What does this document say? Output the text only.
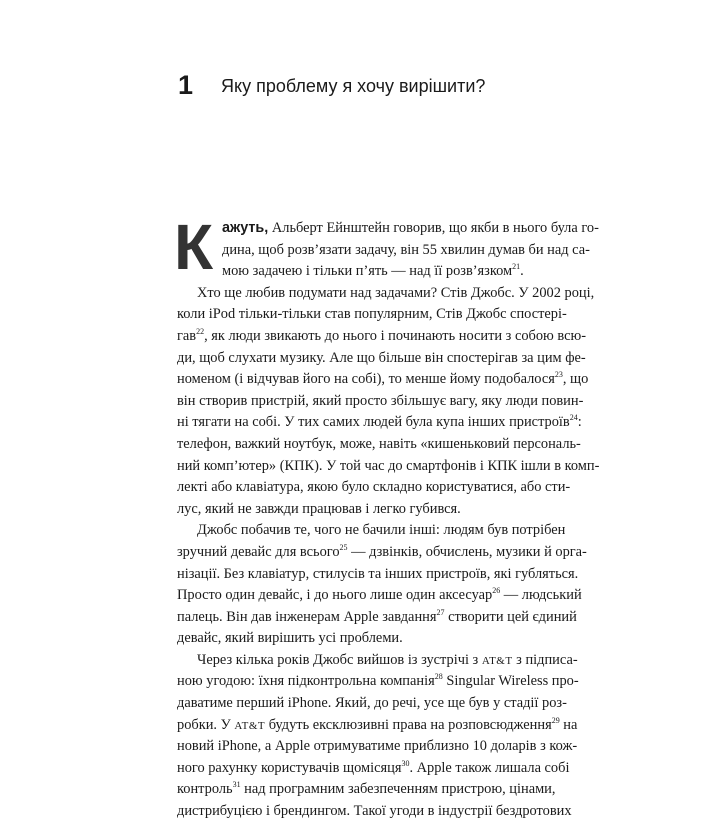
1 Яку проблему я хочу вирішити?
К ажуть, Альберт Ейнштейн говорив, що якби в нього була го-
дина, щоб розв’язати задачу, він 55 хвилин думав би над са-
мою задачею і тільки п’ять — над її розв’язком$^{21}$.
Хто ще любив подумати над задачами? Стів Джобс. У 2002 році,
коли iPod тільки-тільки став популярним, Стів Джобс спостері-
гав$^{22}$, як люди звикають до нього і починають носити з собою всю-
ди, щоб слухати музику. Але що більше він спостерігав за цим фе-
номеном (і відчував його на собі), то менше йому подобалося$^{23}$, що
він створив пристрій, який просто збільшує вагу, яку люди повин-
ні тягати на собі. У тих самих людей була купа інших пристроїв$^{24}$:
телефон, важкий ноутбук, може, навіть «кишеньковий персональ-
ний комп’ютер» (КПК). У той час до смартфонів і КПК ішли в комп-
лекті або клавіатура, якою було складно користуватися, або сти-
лус, який не завжди працював і легко губився.
Джобс побачив те, чого не бачили інші: людям був потрібен
зручний девайс для всього$^{25}$ — дзвінків, обчислень, музики й орга-
нізації. Без клавіатур, стилусів та інших пристроїв, які губляться.
Просто один девайс, і до нього лише один аксесуар$^{26}$ — людський
палець. Він дав інженерам Apple завдання$^{27}$ створити цей єдиний
девайс, який вирішить усі проблеми.
Через кілька років Джобс вийшов із зустрічі з AT&T з підписа-
ною угодою: їхня підконтрольна компанія$^{28}$ Singular Wireless про-
даватиме перший iPhone. Який, до речі, усе ще був у стадії роз-
робки. У AT&T будуть ексклюзивні права на розповсюдження$^{29}$ на
новий iPhone, а Apple отримуватиме приблизно 10 доларів з кож-
ного рахунку користувачів щомісяця$^{30}$. Apple також лишала собі
контроль$^{31}$ над програмним забезпеченням пристрою, цінами,
дистрибуцією і брендингом. Такої угоди в індустрії бездротових
